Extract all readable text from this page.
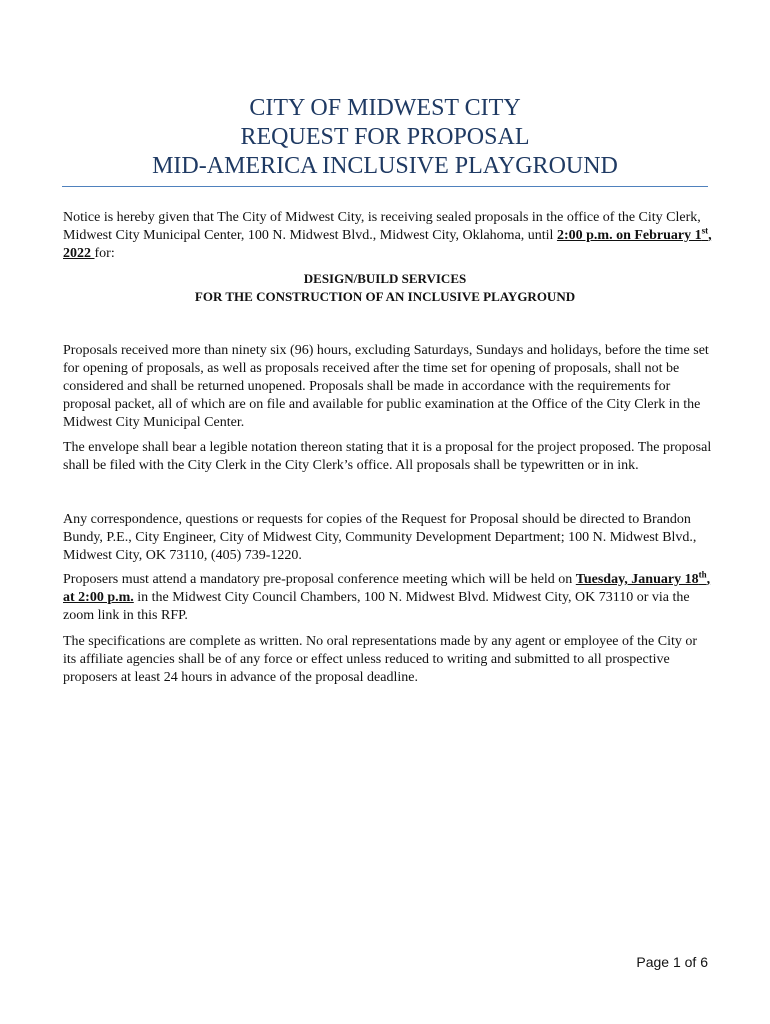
CITY OF MIDWEST CITY
REQUEST FOR PROPOSAL
MID-AMERICA INCLUSIVE PLAYGROUND

Notice is hereby given that The City of Midwest City, is receiving sealed proposals in the office of the City Clerk, Midwest City Municipal Center, 100 N. Midwest Blvd., Midwest City, Oklahoma, until 2:00 p.m. on February 1st, 2022 for:

DESIGN/BUILD SERVICES
FOR THE CONSTRUCTION OF AN INCLUSIVE PLAYGROUND

Proposals received more than ninety six (96) hours, excluding Saturdays, Sundays and holidays, before the time set for opening of proposals, as well as proposals received after the time set for opening of proposals, shall not be considered and shall be returned unopened. Proposals shall be made in accordance with the requirements for proposal packet, all of which are on file and available for public examination at the Office of the City Clerk in the Midwest City Municipal Center.

The envelope shall bear a legible notation thereon stating that it is a proposal for the project proposed. The proposal shall be filed with the City Clerk in the City Clerk’s office. All proposals shall be typewritten or in ink.

Any correspondence, questions or requests for copies of the Request for Proposal should be directed to Brandon Bundy, P.E., City Engineer, City of Midwest City, Community Development Department; 100 N. Midwest Blvd., Midwest City, OK 73110, (405) 739-1220.

Proposers must attend a mandatory pre-proposal conference meeting which will be held on Tuesday, January 18th, at 2:00 p.m. in the Midwest City Council Chambers, 100 N. Midwest Blvd. Midwest City, OK 73110 or via the zoom link in this RFP.

The specifications are complete as written. No oral representations made by any agent or employee of the City or its affiliate agencies shall be of any force or effect unless reduced to writing and submitted to all prospective proposers at least 24 hours in advance of the proposal deadline.

Page 1 of 6
